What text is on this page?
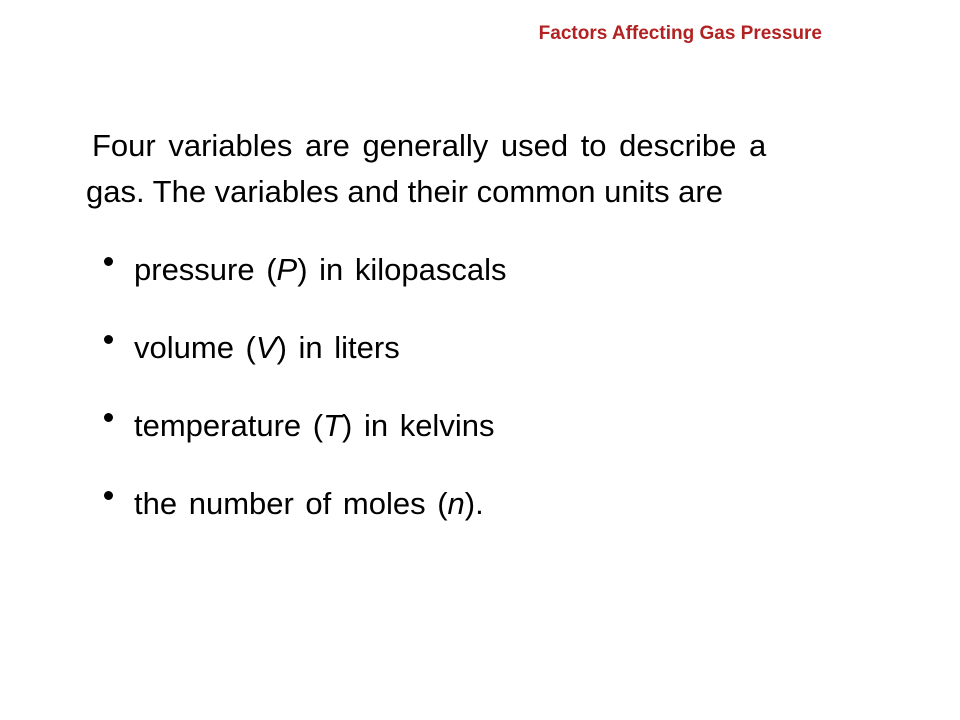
Factors Affecting Gas Pressure

Four variables are generally used to describe a
gas. The variables and their common units are

pressure (P) in kilopascals
volume (V) in liters
temperature (T) in kelvins
the number of moles (n).
